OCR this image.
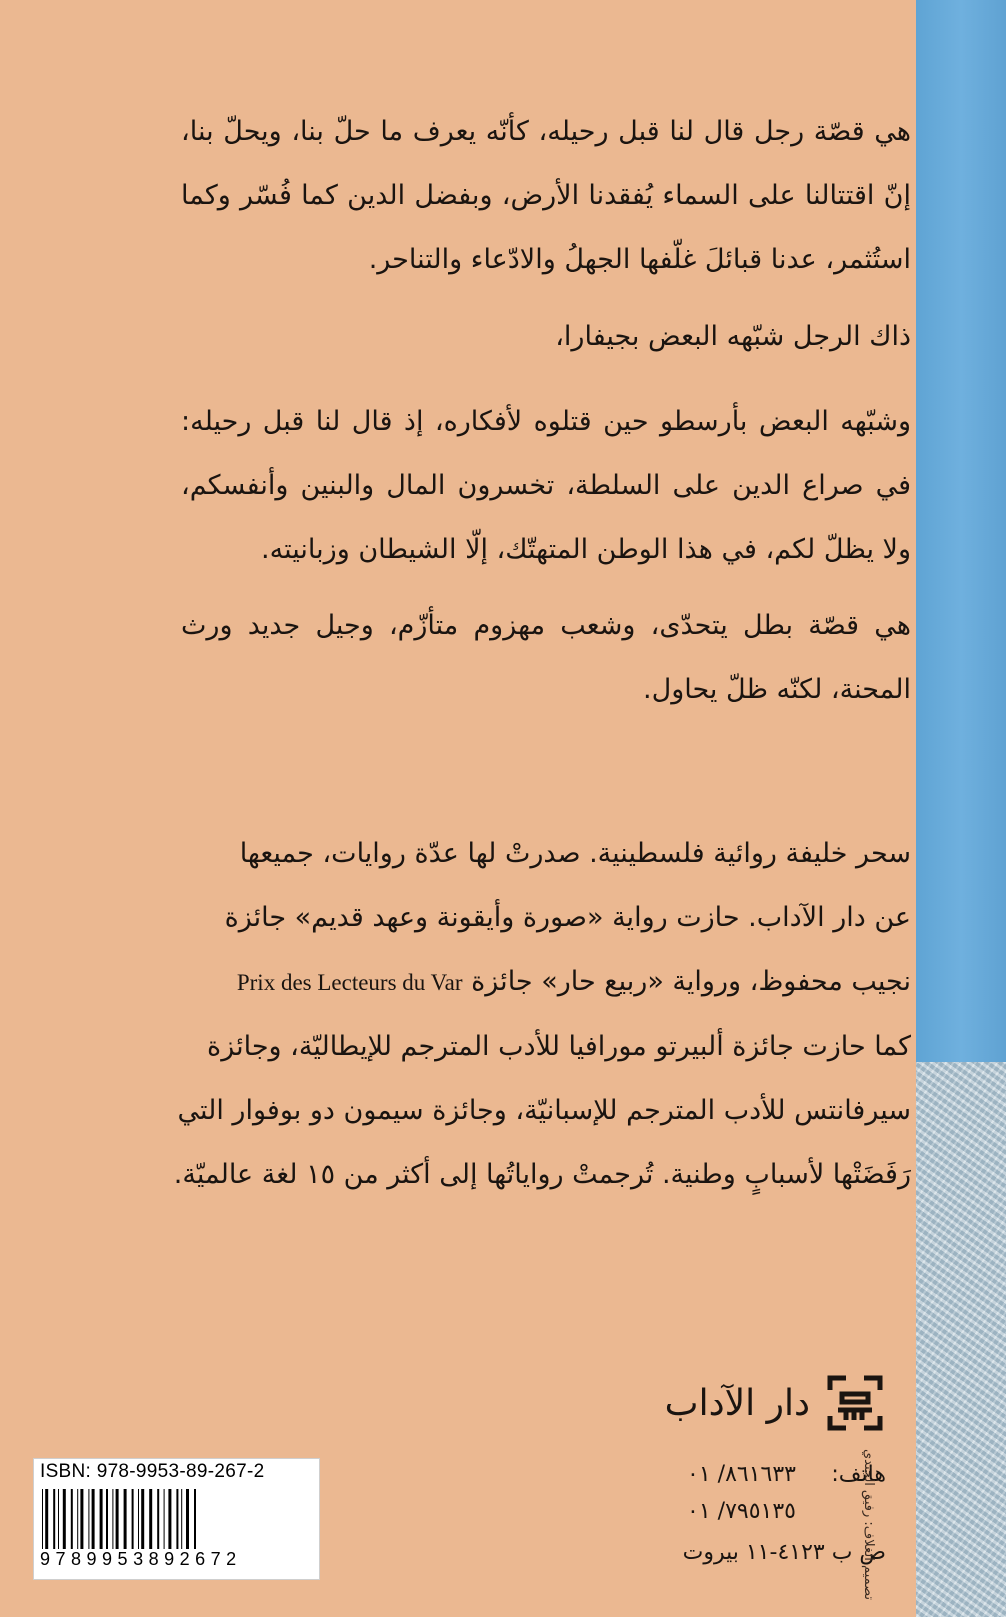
هي قصّة رجل قال لنا قبل رحيله، كأنّه يعرف ما حلّ بنا، ويحلّ بنا، إنّ اقتتالنا على السماء يُفقدنا الأرض، وبفضل الدين كما فُسّر وكما استُثمر، عدنا قبائلَ غلّفها الجهلُ والادّعاء والتناحر.

ذاك الرجل شبّهه البعض بجيفارا،

وشبّهه البعض بأرسطو حين قتلوه لأفكاره، إذ قال لنا قبل رحيله: في صراع الدين على السلطة، تخسرون المال والبنين وأنفسكم، ولا يظلّ لكم، في هذا الوطن المتهتّك، إلّا الشيطان وزبانيته.

هي قصّة بطل يتحدّى، وشعب مهزوم متأزّم، وجيل جديد ورث المحنة، لكنّه ظلّ يحاول.

سحر خليفة روائية فلسطينية. صدرتْ لها عدّة روايات، جميعها
عن دار الآداب. حازت رواية «صورة وأيقونة وعهد قديم» جائزة
نجيب محفوظ، ورواية «ربيع حار» جائزة Prix des Lecteurs du Var
كما حازت جائزة ألبيرتو مورافيا للأدب المترجم للإيطاليّة، وجائزة
سيرفانتس للأدب المترجم للإسبانيّة، وجائزة سيمون دو بوفوار التي
رَفَضَتْها لأسبابٍ وطنية. تُرجمتْ رواياتُها إلى أكثر من ١٥ لغة عالميّة.
دار الآداب
هاتف:٨٦١٦٣٣/ ٠١
٧٩٥١٣٥/ ٠١
ص ب ٤١٢٣-١١ بيروت
تصميم الغلاف: رفيق الجندي
ISBN: 978-9953-89-267-2
9789953892672
